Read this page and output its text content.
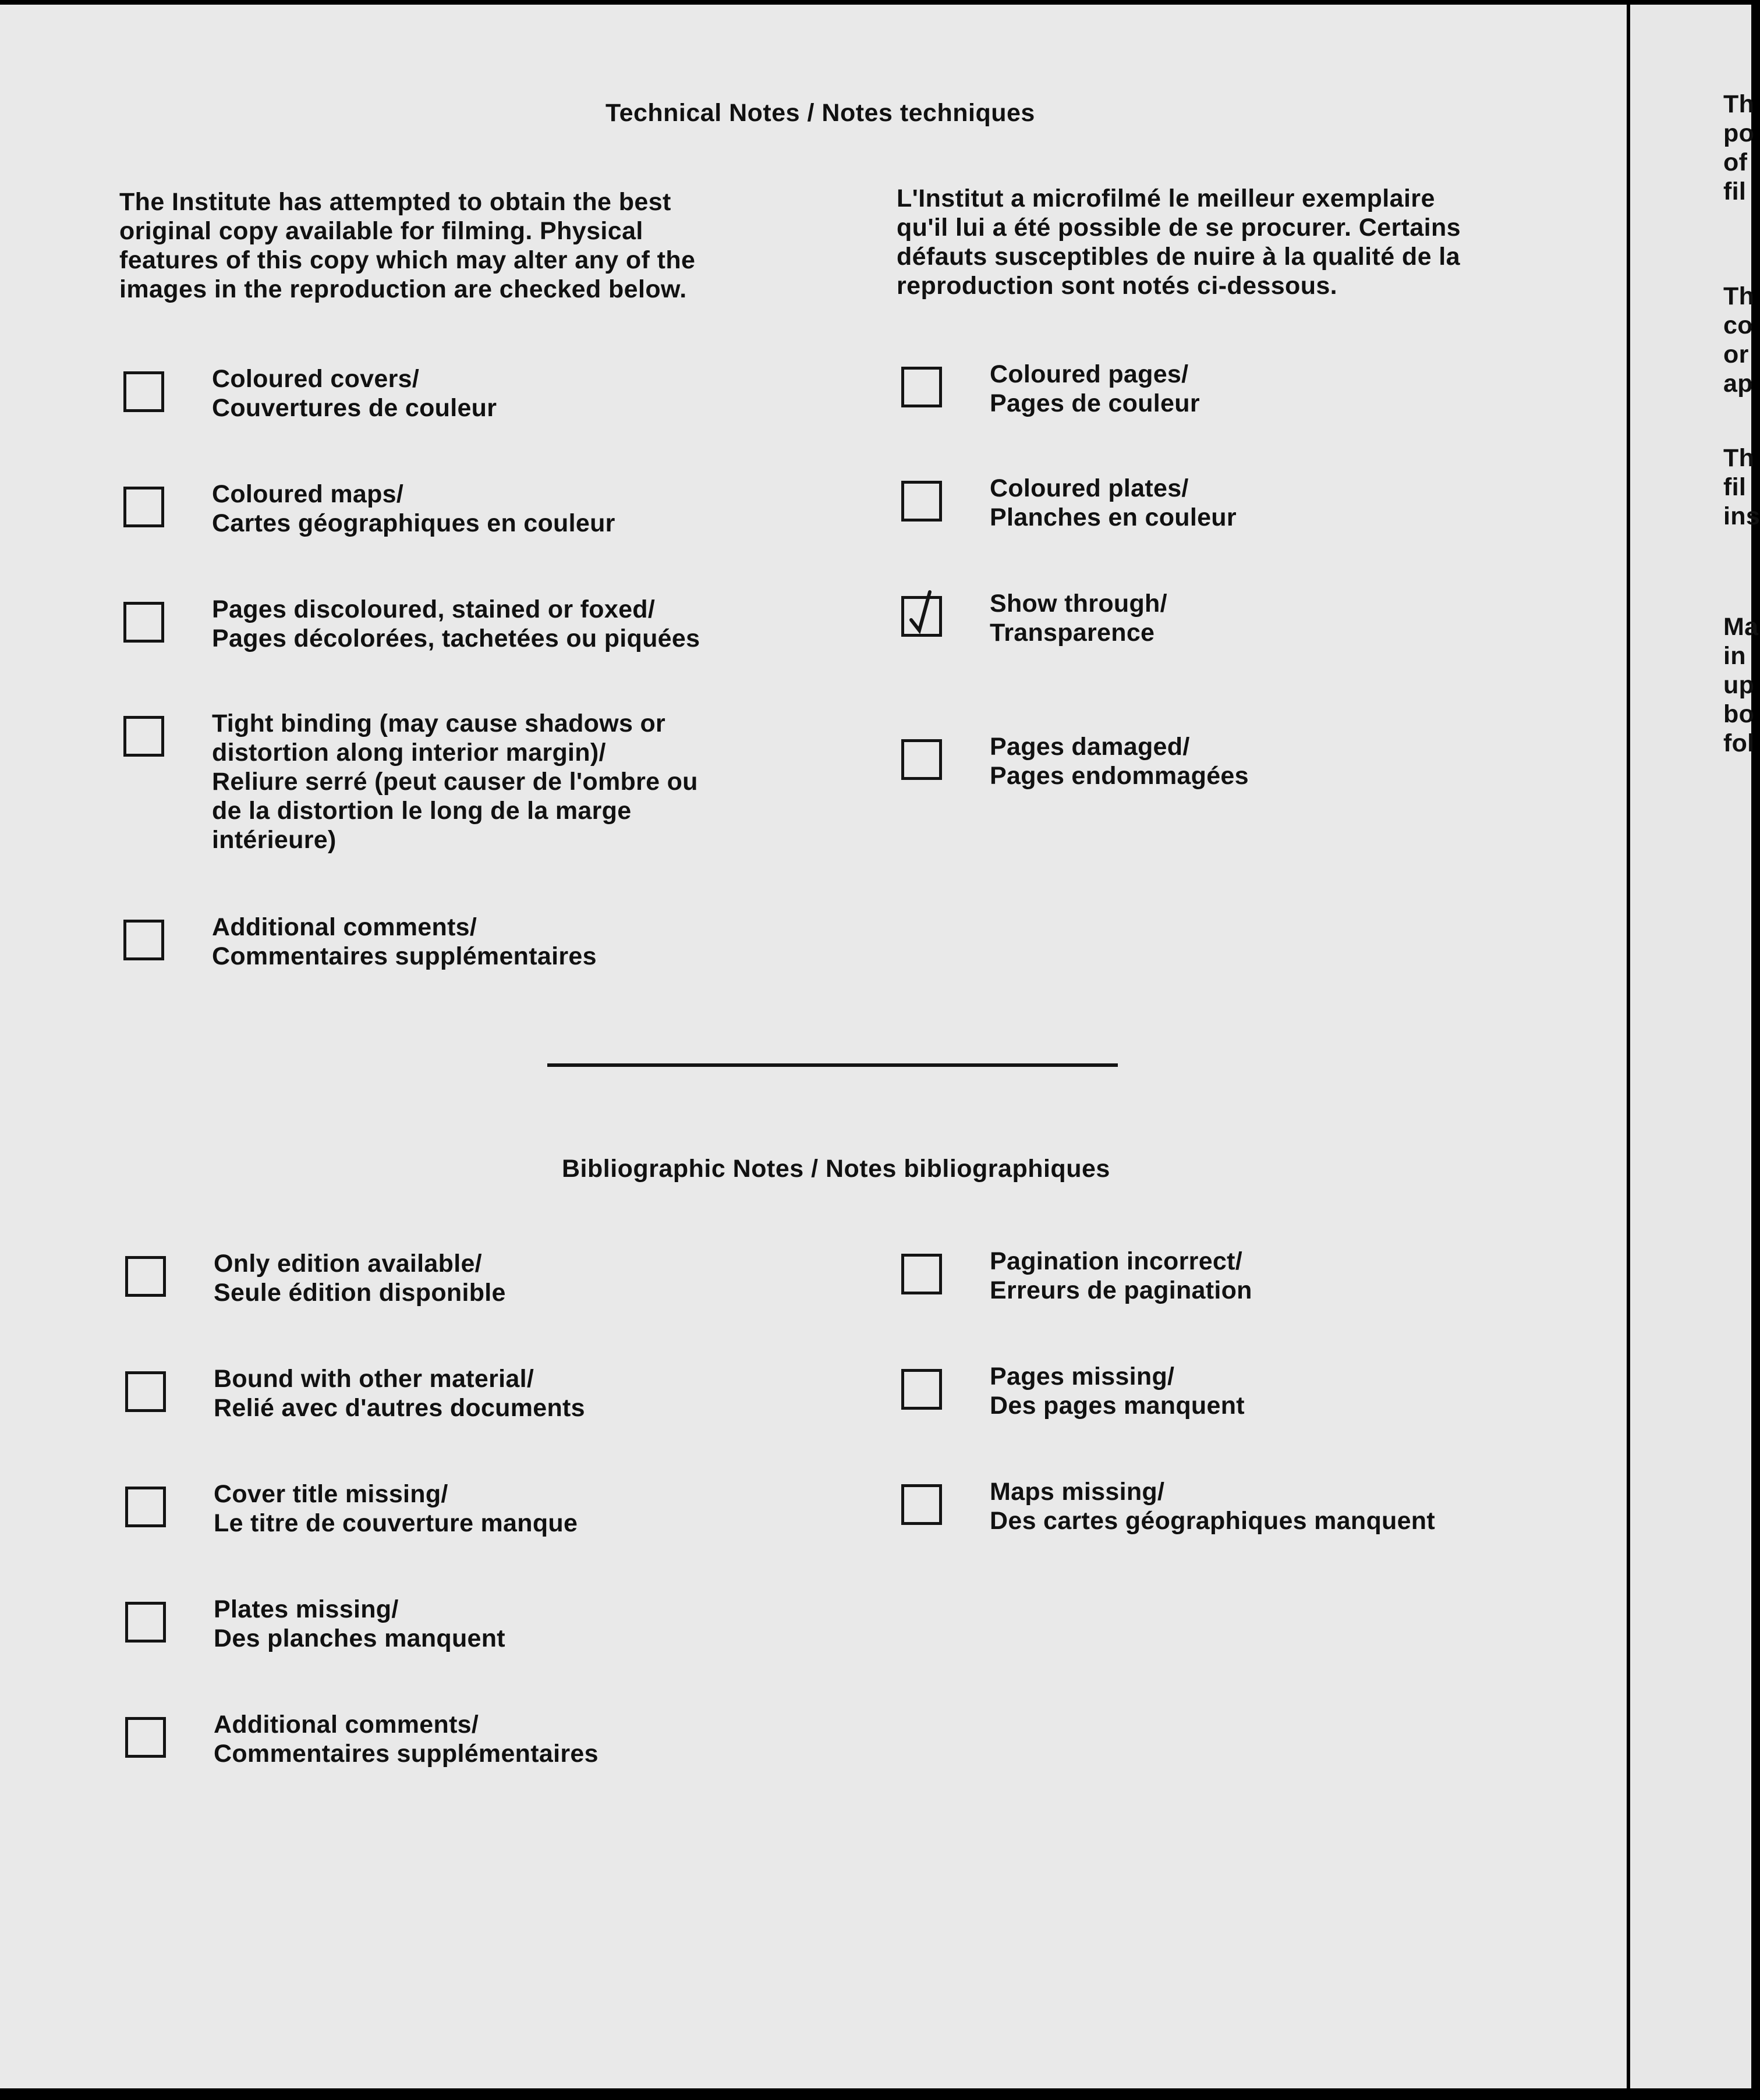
Technical Notes / Notes techniques
The Institute has attempted to obtain the best
original copy available for filming. Physical
features of this copy which may alter any of the
images in the reproduction are checked below.
L'Institut a microfilmé le meilleur exemplaire
qu'il lui a été possible de se procurer. Certains
défauts susceptibles de nuire à la qualité de la
reproduction sont notés ci-dessous.
Coloured covers/
Couvertures de couleur
Coloured maps/
Cartes géographiques en couleur
Pages discoloured, stained or foxed/
Pages décolorées, tachetées ou piquées
Tight binding (may cause shadows or
distortion along interior margin)/
Reliure serré (peut causer de l'ombre ou
de la distortion le long de la marge
intérieure)
Additional comments/
Commentaires supplémentaires
Coloured pages/
Pages de couleur
Coloured plates/
Planches en couleur
Show through/
Transparence
Pages damaged/
Pages endommagées
Bibliographic Notes / Notes bibliographiques
Only edition available/
Seule édition disponible
Bound with other material/
Relié avec d'autres documents
Cover title missing/
Le titre de couverture manque
Plates missing/
Des planches manquent
Additional comments/
Commentaires supplémentaires
Pagination incorrect/
Erreurs de pagination
Pages missing/
Des pages manquent
Maps missing/
Des cartes géographiques manquent
Th
po
of
fil
Th
co
or
ap
Th
fil
ins
Ma
in
up
bo
fol
